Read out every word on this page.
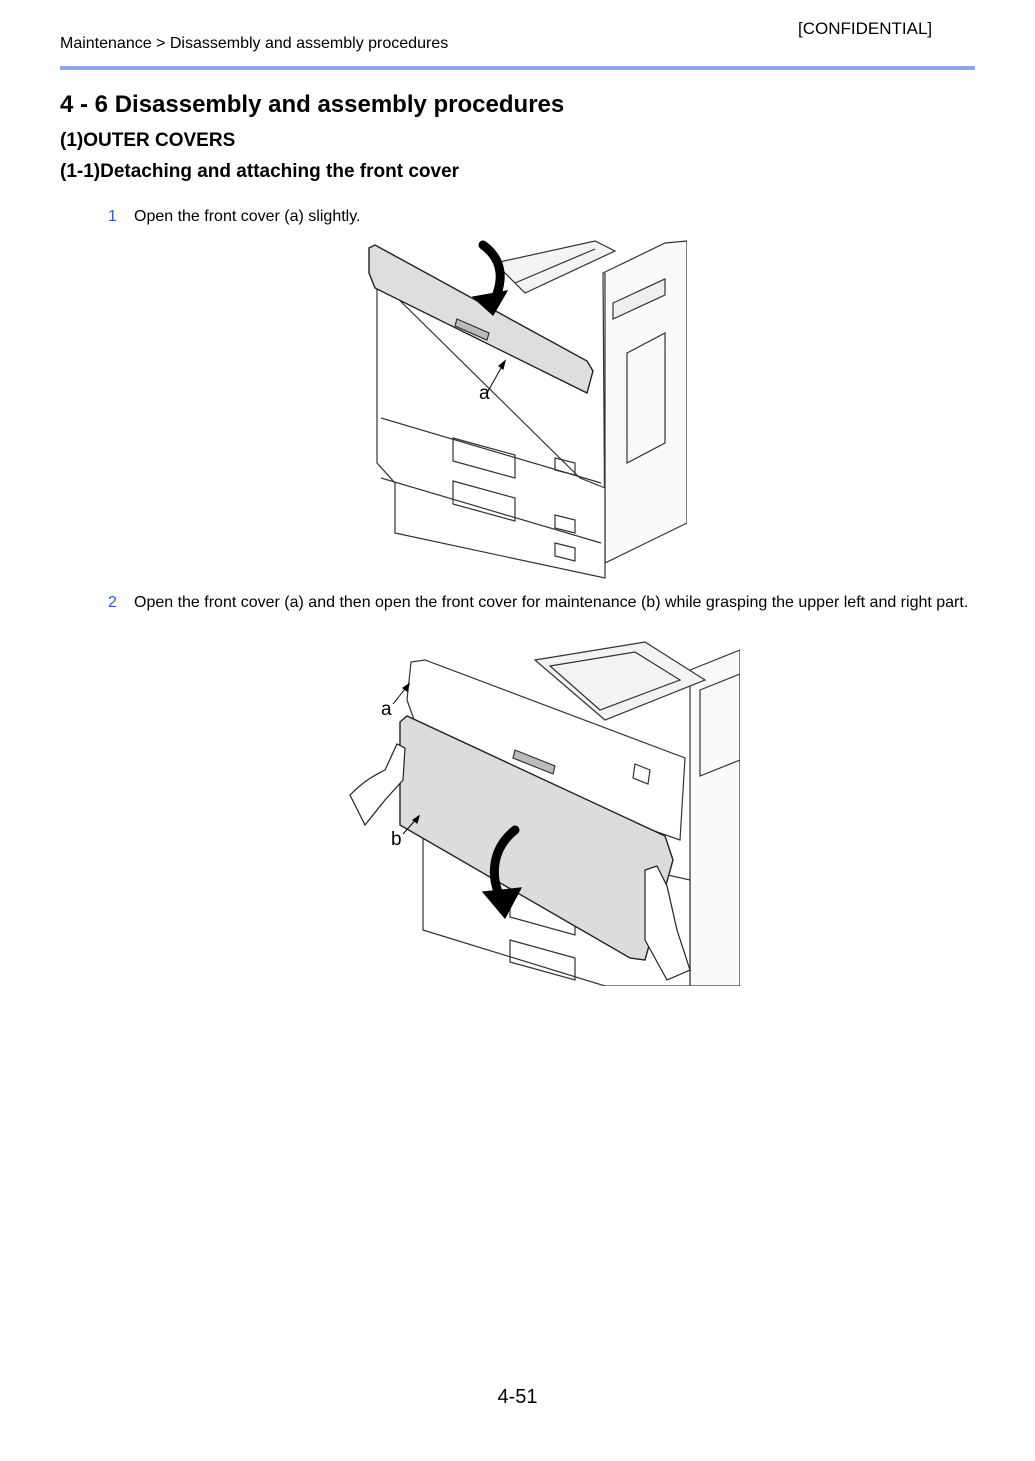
[CONFIDENTIAL]
Maintenance > Disassembly and assembly procedures
4 - 6 Disassembly and assembly procedures
(1)OUTER COVERS
(1-1)Detaching and attaching the front cover
1 Open the front cover (a) slightly.
a
2 Open the front cover (a) and then open the front cover for maintenance (b) while grasping the upper left and right part.
a
b
4-51
